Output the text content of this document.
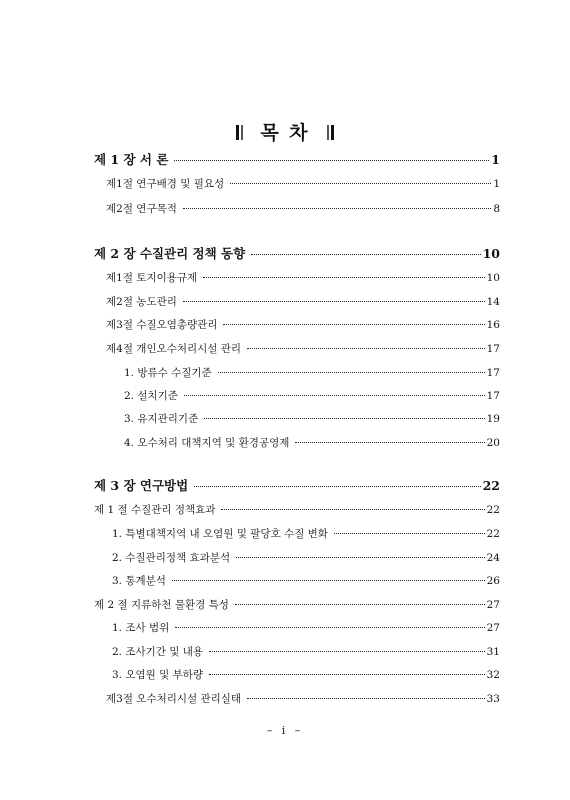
목 차
제 1 장 서 론	1
제1절 연구배경 및 필요성	1
제2절 연구목적	8
제 2 장 수질관리 정책 동향	10
제1절 토지이용규제	10
제2절 농도관리	14
제3절 수질오염총량관리	16
제4절 개인오수처리시설 관리	17
1. 방류수 수질기준	17
2. 설치기준	17
3. 유지관리기준	19
4. 오수처리 대책지역 및 환경공영제	20
제 3 장 연구방법	22
제 1 절 수질관리 정책효과	22
1. 특별대책지역 내 오염원 및 팔당호 수질 변화	22
2. 수질관리정책 효과분석	24
3. 통계분석	26
제 2 절 지류하천 물환경 특성	27
1. 조사 범위	27
2. 조사기간 및 내용	31
3. 오염원 및 부하량	32
제3절 오수처리시설 관리실태	33
– i –
